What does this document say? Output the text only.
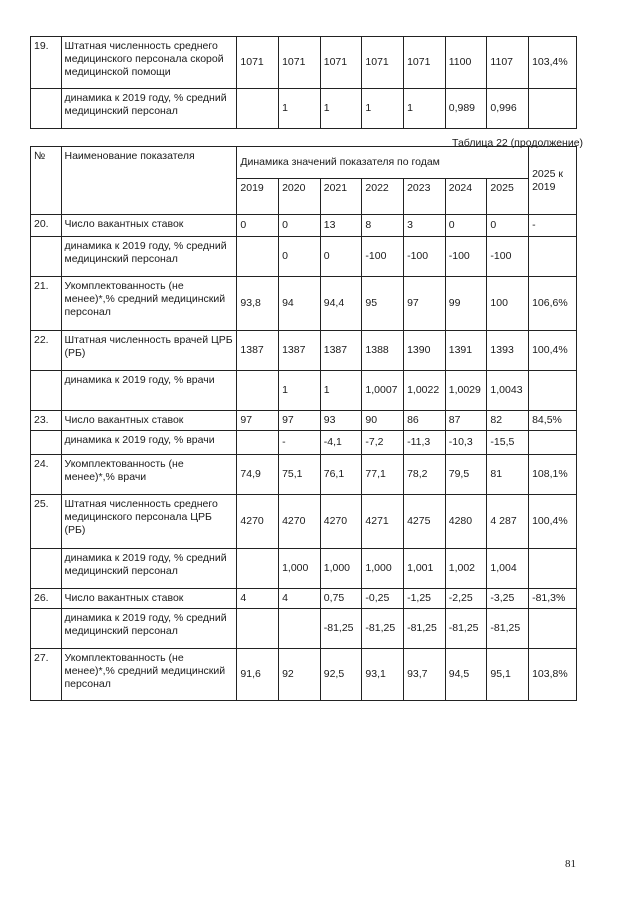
19.	Штатная численность среднего медицинского персонала скорой медицинской помощи	1071	1071	1071	1071	1071	1100	1107	103,4%
	динамика к 2019 году, % средний медицинский персонал		1	1	1	1	0,989	0,996	
Таблица 22 (продолжение)
№	Наименование показателя	Динамика значений показателя по годам							2025 к 2019
		2019	2020	2021	2022	2023	2024	2025	
20.	Число вакантных ставок	0	0	13	8	3	0	0	-
	динамика к 2019 году, % средний медицинский персонал		0	0	-100	-100	-100	-100	
21.	Укомплектованность (не менее)*,% средний медицинский персонал	93,8	94	94,4	95	97	99	100	106,6%
22.	Штатная численность врачей ЦРБ (РБ)	1387	1387	1387	1388	1390	1391	1393	100,4%
	динамика к 2019 году, % врачи		1	1	1,0007	1,0022	1,0029	1,0043	
23.	Число вакантных ставок	97	97	93	90	86	87	82	84,5%
	динамика к 2019 году, % врачи		-	-4,1	-7,2	-11,3	-10,3	-15,5	
24.	Укомплектованность (не менее)*,% врачи	74,9	75,1	76,1	77,1	78,2	79,5	81	108,1%
25.	Штатная численность среднего медицинского персонала ЦРБ (РБ)	4270	4270	4270	4271	4275	4280	4 287	100,4%
	динамика к 2019 году, % средний медицинский персонал		1,000	1,000	1,000	1,001	1,002	1,004	
26.	Число вакантных ставок	4	4	0,75	-0,25	-1,25	-2,25	-3,25	-81,3%
	динамика к 2019 году, % средний медицинский персонал			-81,25	-81,25	-81,25	-81,25	-81,25	
27.	Укомплектованность (не менее)*,% средний медицинский персонал	91,6	92	92,5	93,1	93,7	94,5	95,1	103,8%
81
